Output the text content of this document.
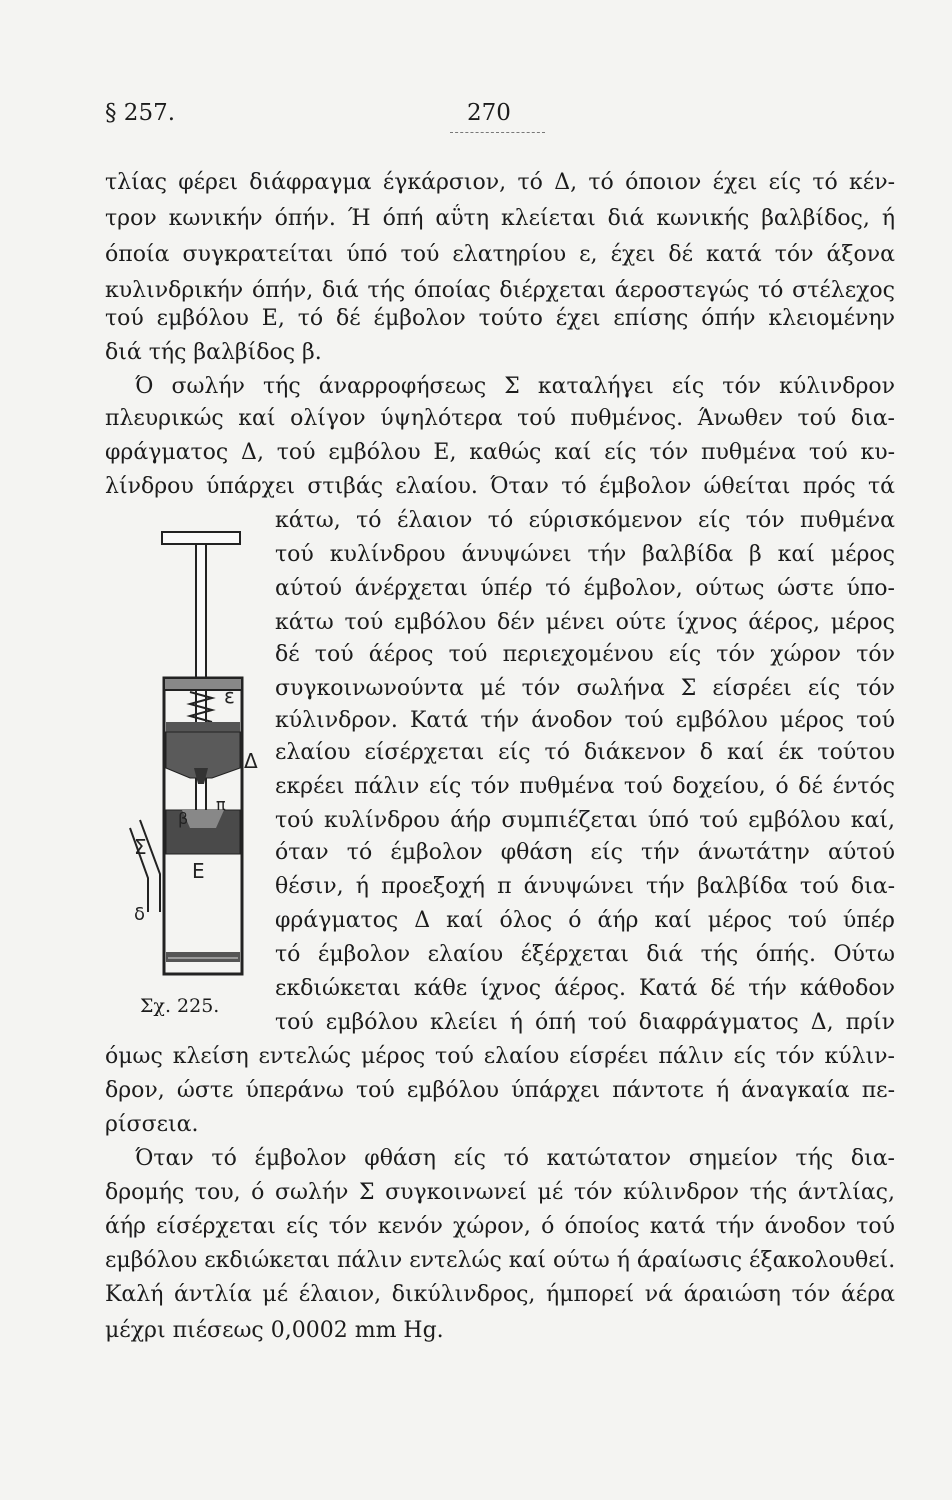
§ 257.	270
τλίας φέρει διάφραγμα έγκάρσιον, τό Δ, τό όποιον έχει είς τό κέν-
τρον κωνικήν όπήν. Ή όπή αΰτη κλείεται διά κωνικής βαλβίδος, ή
όποία συγκρατείται ύπό τού ελατηρίου ε, έχει δέ κατά τόν άξονα
κυλινδρικήν όπήν, διά τής όποίας διέρχεται άεροστεγώς τό στέλεχος
τού εμβόλου Ε, τό δέ έμβολον τούτο έχει επίσης όπήν κλειομένην
διά τής βαλβίδος β.
Ό σωλήν τής άναρροφήσεως Σ καταλήγει είς τόν κύλινδρον
πλευρικώς καί ολίγον ύψηλότερα τού πυθμένος. Άνωθεν τού δια-
φράγματος Δ, τού εμβόλου Ε, καθώς καί είς τόν πυθμένα τού κυ-
λίνδρου ύπάρχει στιβάς ελαίου. Όταν τό έμβολον ώθείται πρός τά
κάτω, τό έλαιον τό εύρισκόμενον είς τόν πυθμένα
τού κυλίνδρου άνυψώνει τήν βαλβίδα β καί μέρος
αύτού άνέρχεται ύπέρ τό έμβολον, ούτως ώστε ύπο-
κάτω τού εμβόλου δέν μένει ούτε ίχνος άέρος, μέρος
δέ τού άέρος τού περιεχομένου είς τόν χώρον τόν
συγκοινωνούντα μέ τόν σωλήνα Σ είσρέει είς τόν
κύλινδρον. Κατά τήν άνοδον τού εμβόλου μέρος τού
ελαίου είσέρχεται είς τό διάκενον δ καί έκ τούτου
εκρέει πάλιν είς τόν πυθμένα τού δοχείου, ό δέ έντός
τού κυλίνδρου άήρ συμπιέζεται ύπό τού εμβόλου καί,
όταν τό έμβολον φθάση είς τήν άνωτάτην αύτού
θέσιν, ή προεξοχή π άνυψώνει τήν βαλβίδα τού δια-
φράγματος Δ καί όλος ό άήρ καί μέρος τού ύπέρ
τό έμβολον ελαίου έξέρχεται διά τής όπής. Ούτω
εκδιώκεται κάθε ίχνος άέρος. Κατά δέ τήν κάθοδον
τού εμβόλου κλείει ή όπή τού διαφράγματος Δ, πρίν
όμως κλείση εντελώς μέρος τού ελαίου είσρέει πάλιν είς τόν κύλιν-
δρον, ώστε ύπεράνω τού εμβόλου ύπάρχει πάντοτε ή άναγκαία πε-
ρίσσεια.
Όταν τό έμβολον φθάση είς τό κατώτατον σημείον τής δια-
δρομής του, ό σωλήν Σ συγκοινωνεί μέ τόν κύλινδρον τής άντλίας,
άήρ είσέρχεται είς τόν κενόν χώρον, ό όποίος κατά τήν άνοδον τού
εμβόλου εκδιώκεται πάλιν εντελώς καί ούτω ή άραίωσις έξακολουθεί.
Καλή άντλία μέ έλαιον, δικύλινδρος, ήμπορεί νά άραιώση τόν άέρα
μέχρι πιέσεως 0,0002 mm Hg.
ε
Δ
π
β
Σ
Ε
δ
Σχ. 225.
